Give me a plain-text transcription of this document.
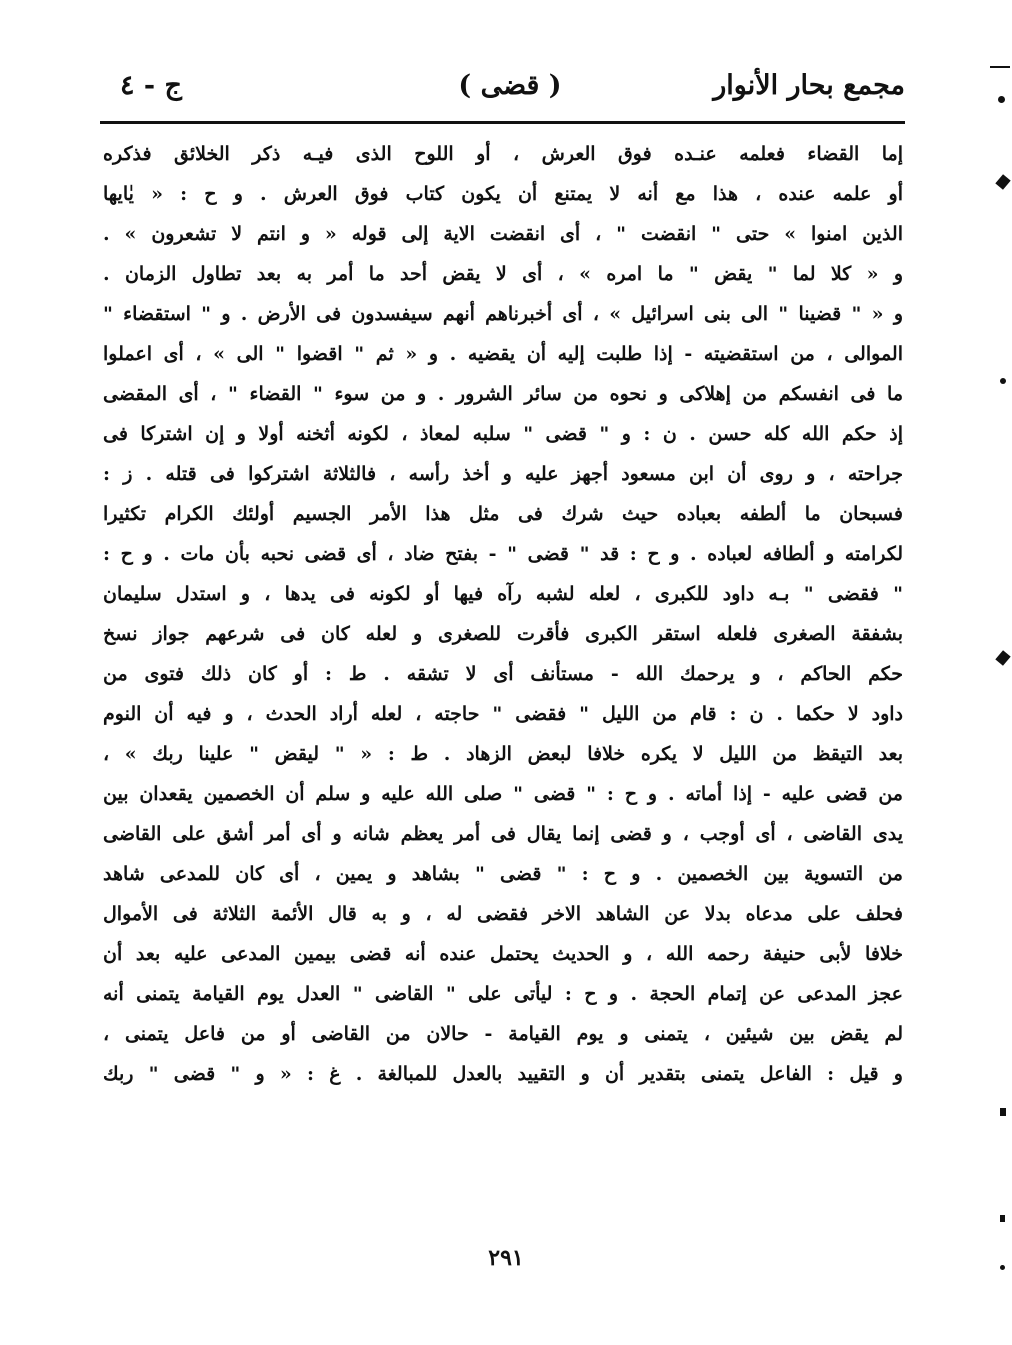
مجمع بحار الأنوار
( قضى )
ج - ٤
إما القضاء فعلمه عنـده فوق العرش ، أو اللوح الذى فيـه ذكر الخلائق فذكره
أو علمه عنده ، هذا مع أنه لا يمتنع أن يكون كتاب فوق العرش . و ح : « يٰايها
الذين امنوا » حتى " انقضت " ، أى انقضت الاية إلى قوله « و انتم لا تشعرون » .
و « كلا لما " يقض " ما امره » ، أى لا يقض أحد ما أمر به بعد تطاول الزمان .
و « " قضينا " الى بنى اسرائيل » ، أى أخبرناهم أنهم سيفسدون فى الأرض . و " استقضاء "
الموالى ، من استقضيته - إذا طلبت إليه أن يقضيه . و « ثم " اقضوا " الى » ، أى اعملوا
ما فى انفسكم من إهلاكى و نحوه من سائر الشرور . و من سوء " القضاء " ، أى المقضى
إذ حكم الله كله حسن . ن : و " قضى " سلبه لمعاذ ، لكونه أثخنه أولا و إن اشتركا فى
جراحته ، و روى أن ابن مسعود أجهز عليه و أخذ رأسه ، فالثلاثة اشتركوا فى قتله . ز :
فسبحان ما ألطفه بعباده حيث شرك فى مثل هذا الأمر الجسيم أولئك الكرام تكثيرا
لكرامته و ألطافه لعباده . و ح : قد " قضى " - بفتح ضاد ، أى قضى نحبه بأن مات . و ح :
" فقضى " بـه داود للكبرى ، لعله لشبه رآه فيها أو لكونه فى يدها ، و استدل سليمان
بشفقة الصغرى فلعله استقر الكبرى فأقرت للصغرى و لعله كان فى شرعهم جواز نسخ
حكم الحاكم ، و يرحمك الله - مستأنف أى لا تشقه . ط : أو كان ذلك فتوى من
داود لا حكما . ن : قام من الليل " فقضى " حاجته ، لعله أراد الحدث ، و فيه أن النوم
بعد التيقظ من الليل لا يكره خلافا لبعض الزهاد . ط : « " ليقض " علينا ربك » ،
من قضى عليه - إذا أماته . و ح : " قضى " صلى الله عليه و سلم أن الخصمين يقعدان بين
يدى القاضى ، أى أوجب ، و قضى إنما يقال فى أمر يعظم شانه و أى أمر أشق على القاضى
من التسوية بين الخصمين . و ح : " قضى " بشاهد و يمين ، أى كان للمدعى شاهد
فحلف على مدعاه بدلا عن الشاهد الاخر فقضى له ، و به قال الأئمة الثلاثة فى الأموال
خلافا لأبى حنيفة رحمه الله ، و الحديث يحتمل عنده أنه قضى بيمين المدعى عليه بعد أن
عجز المدعى عن إتمام الحجة . و ح : ليأتى على " القاضى " العدل يوم القيامة يتمنى أنه
لم يقض بين شيئين ، يتمنى و يوم القيامة - حالان من القاضى أو من فاعل يتمنى ،
و قيل : الفاعل يتمنى بتقدير أن و التقييد بالعدل للمبالغة . غ : « و " قضى " ربك
٢٩١
